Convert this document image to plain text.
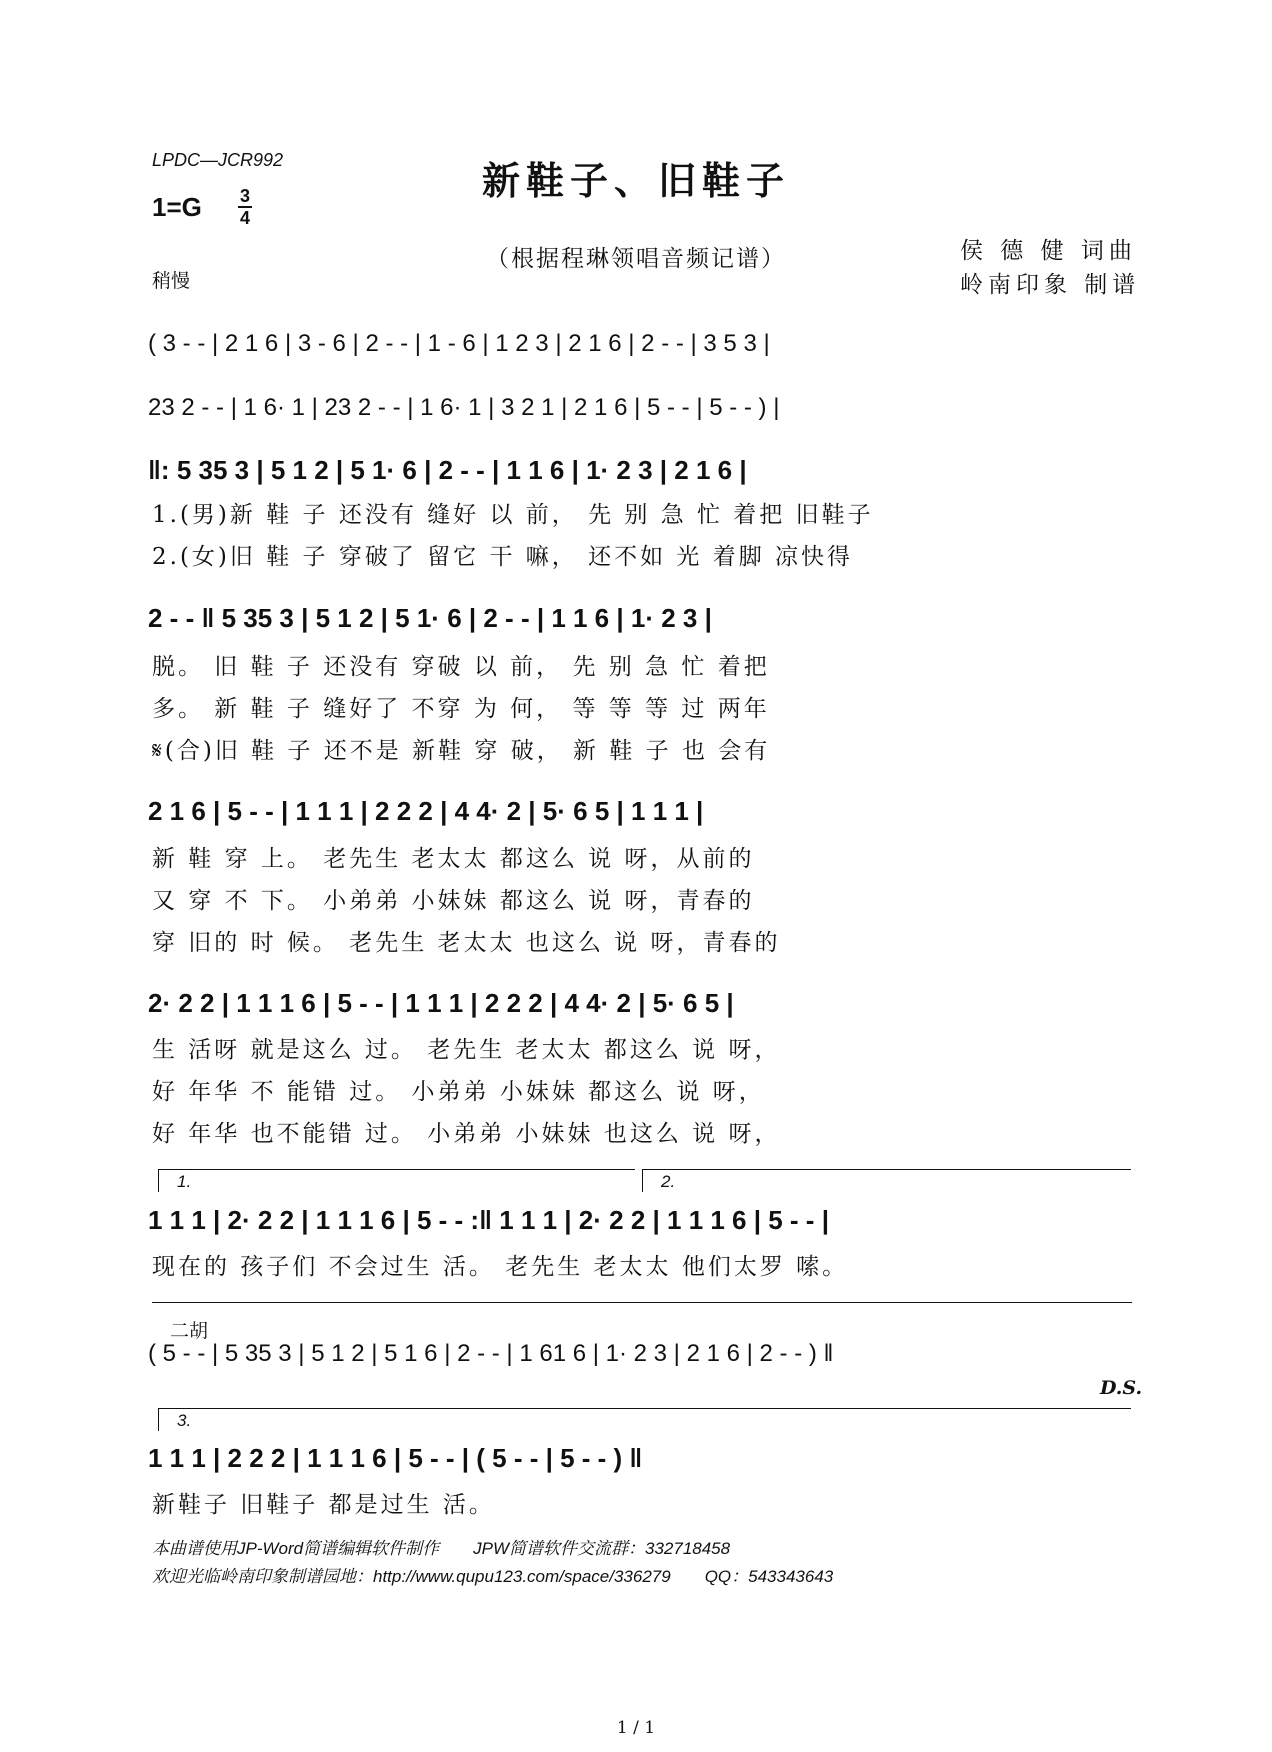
LPDC—JCR992	新鞋子、旧鞋子
1=G 3
4
稍慢
（根据程琳领唱音频记谱）	侯 德 健 词曲
岭南印象 制谱
( 3 - - | 2 1 6 | 3 - 6 | 2 - - | 1 - 6 | 1 2 3 | 2 1 6 | 2 - - | 3 5 3 |
23 2 - - | 1 6· 1 | 23 2 - - | 1 6· 1 | 3 2 1 | 2 1 6 | 5 - - | 5 - - ) |
‖: 5 35 3 | 5 1 2 | 5 1· 6 | 2 - - | 1 1 6 | 1· 2 3 | 2 1 6 |
1.(男)新 鞋 子 还没有 缝好 以 前， 先 别 急 忙 着把 旧鞋子
2.(女)旧 鞋 子 穿破了 留它 干 嘛， 还不如 光 着脚 凉快得
2 - - ‖ 5 35 3 | 5 1 2 | 5 1· 6 | 2 - - | 1 1 6 | 1· 2 3 |
脱。 旧 鞋 子 还没有 穿破 以 前， 先 别 急 忙 着把
多。 新 鞋 子 缝好了 不穿 为 何， 等 等 等 过 两年
𝄋(合)旧 鞋 子 还不是 新鞋 穿 破， 新 鞋 子 也 会有
2 1 6 | 5 - - | 1 1 1 | 2 2 2 | 4 4· 2 | 5· 6 5 | 1 1 1 |
新 鞋 穿 上。 老先生 老太太 都这么 说 呀，从前的
又 穿 不 下。 小弟弟 小妹妹 都这么 说 呀，青春的
穿 旧的 时 候。 老先生 老太太 也这么 说 呀，青春的
2· 2 2 | 1 1 1 6 | 5 - - | 1 1 1 | 2 2 2 | 4 4· 2 | 5· 6 5 |
生 活呀 就是这么 过。 老先生 老太太 都这么 说 呀，
好 年华 不 能错 过。 小弟弟 小妹妹 都这么 说 呀，
好 年华 也不能错 过。 小弟弟 小妹妹 也这么 说 呀，
1.	2.
1 1 1 | 2· 2 2 | 1 1 1 6 | 5 - - :‖ 1 1 1 | 2· 2 2 | 1 1 1 6 | 5 - - |
现在的 孩子们 不会过生 活。 老先生 老太太 他们太罗 嗦。
二胡
( 5 - - | 5 35 3 | 5 1 2 | 5 1 6 | 2 - - | 1 61 6 | 1· 2 3 | 2 1 6 | 2 - - ) ‖
D.S.
3.
1 1 1 | 2 2 2 | 1 1 1 6 | 5 - - | ( 5 - - | 5 - - ) ‖
新鞋子 旧鞋子 都是过生 活。
本曲谱使用JP-Word简谱编辑软件制作　　JPW简谱软件交流群：332718458
欢迎光临岭南印象制谱园地：http://www.qupu123.com/space/336279　　QQ：543343643
1 / 1
